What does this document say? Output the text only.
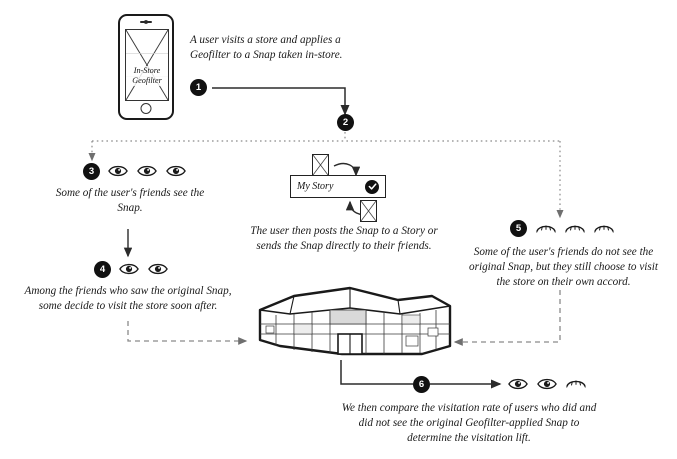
In-Store
Geofilter
1
A user visits a store and applies a Geofilter to a Snap taken in-store.
2
My Story
The user then posts the Snap to a Story or sends the Snap directly to their friends.
3
Some of the user's friends see the Snap.
4
Among the friends who saw the original Snap, some decide to visit the store soon after.
5
Some of the user's friends do not see the original Snap, but they still choose to visit the store on their own accord.
6
We then compare the visitation rate of users who did and did not see the original Geofilter-applied Snap to determine the visitation lift.
